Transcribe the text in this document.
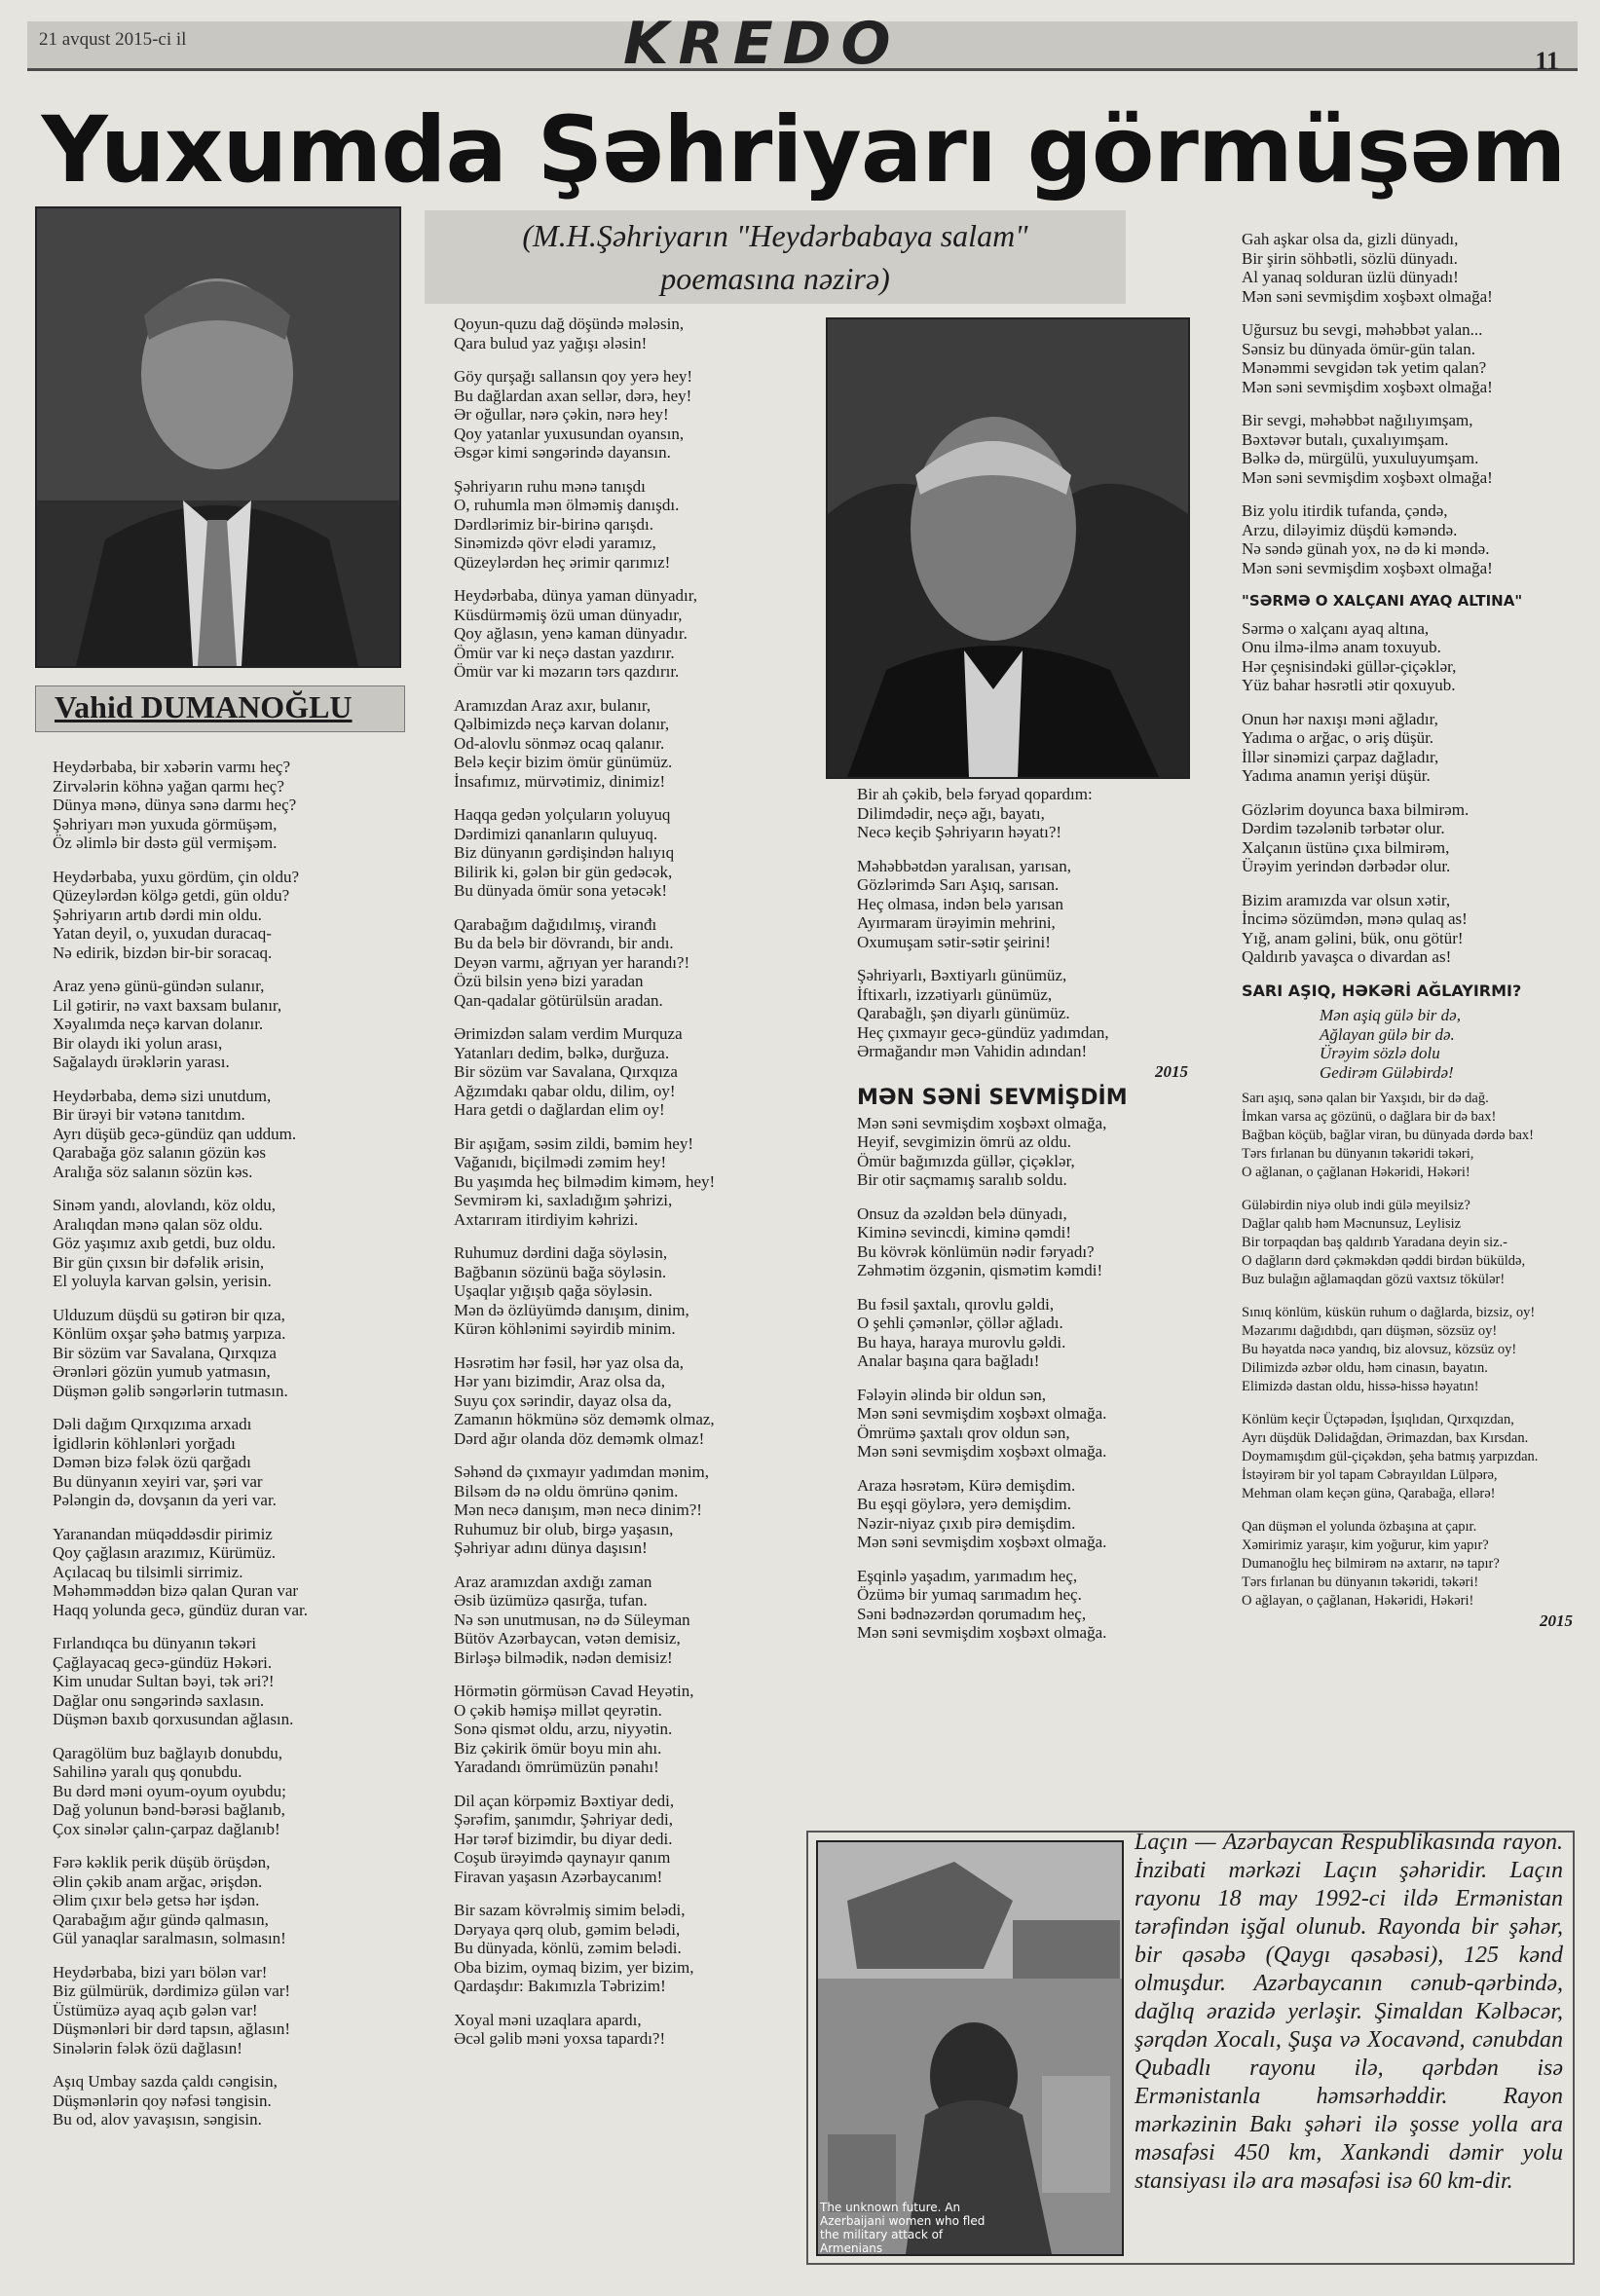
21 avqust 2015-ci il	KREDO	11
Yuxumda Şəhriyarı görmüşəm
Vahid DUMANOĞLU
(M.H.Şəhriyarın "Heydərbabaya salam"
poemasına nəzirə)
Heydərbaba, bir xəbərin varmı heç?
Zirvələrin köhnə yağan qarmı heç?
Dünya mənə, dünya sənə darmı heç?
Şəhriyarı mən yuxuda görmüşəm,
Öz əlimlə bir dəstə gül vermişəm.
Heydərbaba, yuxu gördüm, çin oldu?
Qüzeylərdən kölgə getdi, gün oldu?
Şəhriyarın artıb dərdi min oldu.
Yatan deyil, o, yuxudan duracaq-
Nə edirik, bizdən bir-bir soracaq.
Araz yenə günü-gündən sulanır,
Lil gətirir, nə vaxt baxsam bulanır,
Xəyalımda neçə karvan dolanır.
Bir olaydı iki yolun arası,
Sağalaydı ürəklərin yarası.
Heydərbaba, demə sizi unutdum,
Bir ürəyi bir vətənə tanıtdım.
Ayrı düşüb gecə-gündüz qan uddum.
Qarabağa göz salanın gözün kəs
Aralığa söz salanın sözün kəs.
Sinəm yandı, alovlandı, köz oldu,
Aralıqdan mənə qalan söz oldu.
Göz yaşımız axıb getdi, buz oldu.
Bir gün çıxsın bir dəfəlik ərisin,
El yoluyla karvan gəlsin, yerisin.
Ulduzum düşdü su gətirən bir qıza,
Könlüm oxşar şəhə batmış yarpıza.
Bir sözüm var Savalana, Qırxqıza
Ərənləri gözün yumub yatmasın,
Düşmən gəlib səngərlərin tutmasın.
Dəli dağım Qırxqızıma arxadı
İgidlərin köhlənləri yorğadı
Dəmən bizə fələk özü qarğadı
Bu dünyanın xeyiri var, şəri var
Pələngin də, dovşanın da yeri var.
Yaranandan müqəddəsdir pirimiz
Qoy çağlasın arazımız, Kürümüz.
Açılacaq bu tilsimli sirrimiz.
Məhəmməddən bizə qalan Quran var
Haqq yolunda gecə, gündüz duran var.
Fırlandıqca bu dünyanın təkəri
Çağlayacaq gecə-gündüz Həkəri.
Kim unudar Sultan bəyi, tək əri?!
Dağlar onu səngərində saxlasın.
Düşmən baxıb qorxusundan ağlasın.
Qaragölüm buz bağlayıb donubdu,
Sahilinə yaralı quş qonubdu.
Bu dərd məni oyum-oyum oyubdu;
Dağ yolunun bənd-bərəsi bağlanıb,
Çox sinələr çalın-çarpaz dağlanıb!
Fərə kəklik perik düşüb örüşdən,
Əlin çəkib anam arğac, ərişdən.
Əlim çıxır belə getsə hər işdən.
Qarabağım ağır gündə qalmasın,
Gül yanaqlar saralmasın, solmasın!
Heydərbaba, bizi yarı bölən var!
Biz gülmürük, dərdimizə gülən var!
Üstümüzə ayaq açıb gələn var!
Düşmənləri bir dərd tapsın, ağlasın!
Sinələrin fələk özü dağlasın!
Aşıq Umbay sazda çaldı cəngisin,
Düşmənlərin qoy nəfəsi təngisin.
Bu od, alov yavaşısın, səngisin.
Qoyun-quzu dağ döşündə mələsin,
Qara bulud yaz yağışı ələsin!
Göy qurşağı sallansın qoy yerə hey!
Bu dağlardan axan sellər, dərə, hey!
Ər oğullar, nərə çəkin, nərə hey!
Qoy yatanlar yuxusundan oyansın,
Əsgər kimi səngərində dayansın.
Şəhriyarın ruhu mənə tanışdı
O, ruhumla mən ölməmiş danışdı.
Dərdlərimiz bir-birinə qarışdı.
Sinəmizdə qövr elədi yaramız,
Qüzeylərdən heç ərimir qarımız!
Heydərbaba, dünya yaman dünyadır,
Küsdürməmiş özü uman dünyadır,
Qoy ağlasın, yenə kaman dünyadır.
Ömür var ki neçə dastan yazdırır.
Ömür var ki məzarın tərs qazdırır.
Aramızdan Araz axır, bulanır,
Qəlbimizdə neçə karvan dolanır,
Od-alovlu sönməz ocaq qalanır.
Belə keçir bizim ömür günümüz.
İnsafımız, mürvətimiz, dinimiz!
Haqqa gedən yolçuların yoluyuq
Dərdimizi qananların quluyuq.
Biz dünyanın gərdişindən halıyıq
Bilirik ki, gələn bir gün gedəcək,
Bu dünyada ömür sona yetəcək!
Qarabağım dağıdılmış, viranđı
Bu da belə bir dövrandı, bir andı.
Deyən varmı, ağrıyan yer harandı?!
Özü bilsin yenə bizi yaradan
Qan-qadalar götürülsün aradan.
Ərimizdən salam verdim Murquza
Yatanları dedim, bəlkə, durğuza.
Bir sözüm var Savalana, Qırxqıza
Ağzımdakı qabar oldu, dilim, oy!
Hara getdi o dağlardan elim oy!
Bir aşığam, səsim zildi, bəmim hey!
Vağanıdı, biçilmədi zəmim hey!
Bu yaşımda heç bilmədim kiməm, hey!
Sevmirəm ki, saxladığım şəhrizi,
Axtarıram itirdiyim kəhrizi.
Ruhumuz dərdini dağa söyləsin,
Bağbanın sözünü bağa söyləsin.
Uşaqlar yığışıb qağa söyləsin.
Mən də özlüyümdə danışım, dinim,
Kürən köhlənimi səyirdib minim.
Həsrətim hər fəsil, hər yaz olsa da,
Hər yanı bizimdir, Araz olsa da,
Suyu çox sərindir, dayaz olsa da,
Zamanın hökmünə söz deməmk olmaz,
Dərd ağır olanda döz deməmk olmaz!
Səhənd də çıxmayır yadımdan mənim,
Bilsəm də nə oldu ömrünə qənim.
Mən necə danışım, mən necə dinim?!
Ruhumuz bir olub, birgə yaşasın,
Şəhriyar adını dünya daşısın!
Araz aramızdan axdığı zaman
Əsib üzümüzə qasırğa, tufan.
Nə sən unutmusan, nə də Süleyman
Bütöv Azərbaycan, vətən demisiz,
Birləşə bilmədik, nədən demisiz!
Hörmətin görmüsən Cavad Heyətin,
O çəkib həmişə millət qeyrətin.
Sonə qismət oldu, arzu, niyyətin.
Biz çəkirik ömür boyu min ahı.
Yaradandı ömrümüzün pənahı!
Dil açan körpəmiz Bəxtiyar dedi,
Şərəfim, şanımdır, Şəhriyar dedi,
Hər tərəf bizimdir, bu diyar dedi.
Coşub ürəyimdə qaynayır qanım
Firavan yaşasın Azərbaycanım!
Bir sazam kövrəlmiş simim belədi,
Dəryaya qərq olub, gəmim belədi,
Bu dünyada, könlü, zəmim belədi.
Oba bizim, oymaq bizim, yer bizim,
Qardaşdır: Bakımızla Təbrizim!
Xoyal məni uzaqlara apardı,
Əcəl gəlib məni yoxsa tapardı?!
Bir ah çəkib, belə fəryad qopardım:
Dilimdədir, neçə ağı, bayatı,
Necə keçib Şəhriyarın həyatı?!
Məhəbbətdən yaralısan, yarısan,
Gözlərimdə Sarı Aşıq, sarısan.
Heç olmasa, indən belə yarısan
Ayırmaram ürəyimin mehrini,
Oxumuşam sətir-sətir şeirini!
Şəhriyarlı, Bəxtiyarlı günümüz,
İftixarlı, izzətiyarlı günümüz,
Qarabağlı, şən diyarlı günümüz.
Heç çıxmayır gecə-gündüz yadımdan,
Ərmağandır mən Vahidin adından!
2015
MƏN SƏNİ SEVMİŞDİM
Mən səni sevmişdim xoşbəxt olmağa,
Heyif, sevgimizin ömrü az oldu.
Ömür bağımızda güllər, çiçəklər,
Bir otir saçmamış saralıb soldu.
Onsuz da əzəldən belə dünyadı,
Kiminə sevincdi, kiminə qəmdi!
Bu kövrək könlümün nədir fəryadı?
Zəhmətim özgənin, qismətim kəmdi!
Bu fəsil şaxtalı, qırovlu gəldi,
O şehli çəmənlər, çöllər ağladı.
Bu haya, haraya murovlu gəldi.
Analar başına qara bağladı!
Fələyin əlində bir oldun sən,
Mən səni sevmişdim xoşbəxt olmağa.
Ömrümə şaxtalı qrov oldun sən,
Mən səni sevmişdim xoşbəxt olmağa.
Araza həsrətəm, Kürə demişdim.
Bu eşqi göylərə, yerə demişdim.
Nəzir-niyaz çıxıb pirə demişdim.
Mən səni sevmişdim xoşbəxt olmağa.
Eşqinlə yaşadım, yarımadım heç,
Özümə bir yumaq sarımadım heç.
Səni bədnəzərdən qorumadım heç,
Mən səni sevmişdim xoşbəxt olmağa.
Gah aşkar olsa da, gizli dünyadı,
Bir şirin söhbətli, sözlü dünyadı.
Al yanaq solduran üzlü dünyadı!
Mən səni sevmişdim xoşbəxt olmağa!
Uğursuz bu sevgi, məhəbbət yalan...
Sənsiz bu dünyada ömür-gün talan.
Mənəmmi sevgidən tək yetim qalan?
Mən səni sevmişdim xoşbəxt olmağa!
Bir sevgi, məhəbbət nağılıyımşam,
Bəxtəvər butalı, çuxalıyımşam.
Bəlkə də, mürgülü, yuxuluyumşam.
Mən səni sevmişdim xoşbəxt olmağa!
Biz yolu itirdik tufanda, çəndə,
Arzu, diləyimiz düşdü kəməndə.
Nə səndə günah yox, nə də ki məndə.
Mən səni sevmişdim xoşbəxt olmağa!
"SƏRMƏ O XALÇANI AYAQ ALTINA"
Sərmə o xalçanı ayaq altına,
Onu ilmə-ilmə anam toxuyub.
Hər çeşnisindəki güllər-çiçəklər,
Yüz bahar həsrətli ətir qoxuyub.
Onun hər naxışı məni ağladır,
Yadıma o arğac, o əriş düşür.
İllər sinəmizi çarpaz dağladır,
Yadıma anamın yerişi düşür.
Gözlərim doyunca baxa bilmirəm.
Dərdim təzələnib tərbətər olur.
Xalçanın üstünə çıxa bilmirəm,
Ürəyim yerindən dərbədər olur.
Bizim aramızda var olsun xətir,
İncimə sözümdən, mənə qulaq as!
Yığ, anam gəlini, bük, onu götür!
Qaldırıb yavaşca o divardan as!
SARI AŞIQ, HƏKƏRİ AĞLAYIRMI?
Mən aşiq gülə bir də,
Ağlayan gülə bir də.
Ürəyim sözlə dolu
Gedirəm Güləbirdə!
Sarı aşıq, sənə qalan bir Yaxşıdı, bir də dağ.
İmkan varsa aç gözünü, o dağlara bir də bax!
Bağban köçüb, bağlar viran, bu dünyada dərdə bax!
Tərs fırlanan bu dünyanın təkəridi təkəri,
O ağlanan, o çağlanan Həkəridi, Həkəri!
Güləbirdin niyə olub indi gülə meyilsiz?
Dağlar qalıb həm Məcnunsuz, Leylisiz
Bir torpaqdan baş qaldırıb Yaradana deyin siz.-
O dağların dərd çəkməkdən qəddi birdən büküldə,
Buz bulağın ağlamaqdan gözü vaxtsız tökülər!
Sınıq könlüm, küskün ruhum o dağlarda, bizsiz, oy!
Məzarımı dağıdıbdı, qarı düşmən, sözsüz oy!
Bu həyatda nəcə yandıq, biz alovsuz, közsüz oy!
Dilimizdə əzbər oldu, həm cinasın, bayatın.
Elimizdə dastan oldu, hissə-hissə həyatın!
Könlüm keçir Üçtəpədən, İşıqlıdan, Qırxqızdan,
Ayrı düşdük Dəlidağdan, Ərimazdan, bax Kırsdan.
Doymamışdım gül-çiçəkdən, şeha batmış yarpızdan.
İstəyirəm bir yol tapam Cəbrayıldan Lülpərə,
Mehman olam keçən günə, Qarabağa, ellərə!
Qan düşmən el yolunda özbaşına at çapır.
Xəmirimiz yaraşır, kim yoğurur, kim yapır?
Dumanoğlu heç bilmirəm nə axtarır, nə tapır?
Tərs fırlanan bu dünyanın təkəridi, təkəri!
O ağlayan, o çağlanan, Həkəridi, Həkəri!
2015
The unknown future. An Azerbaijani women who fled the military attack of Armenians
Laçın — Azərbaycan Respublikasında rayon. İnzibati mərkəzi Laçın şəhəridir. Laçın rayonu 18 may 1992-ci ildə Ermənistan tərəfindən işğal olunub. Rayonda bir şəhər, bir qəsəbə (Qaygı qəsəbəsi), 125 kənd olmuşdur. Azərbaycanın cənub-qərbində, dağlıq ərazidə yerləşir. Şimaldan Kəlbəcər, şərqdən Xocalı, Şuşa və Xocavənd, cənubdan Qubadlı rayonu ilə, qərbdən isə Ermənistanla həmsərhəddir. Rayon mərkəzinin Bakı şəhəri ilə şosse yolla ara məsafəsi 450 km, Xankəndi dəmir yolu stansiyası ilə ara məsafəsi isə 60 km-dir.
